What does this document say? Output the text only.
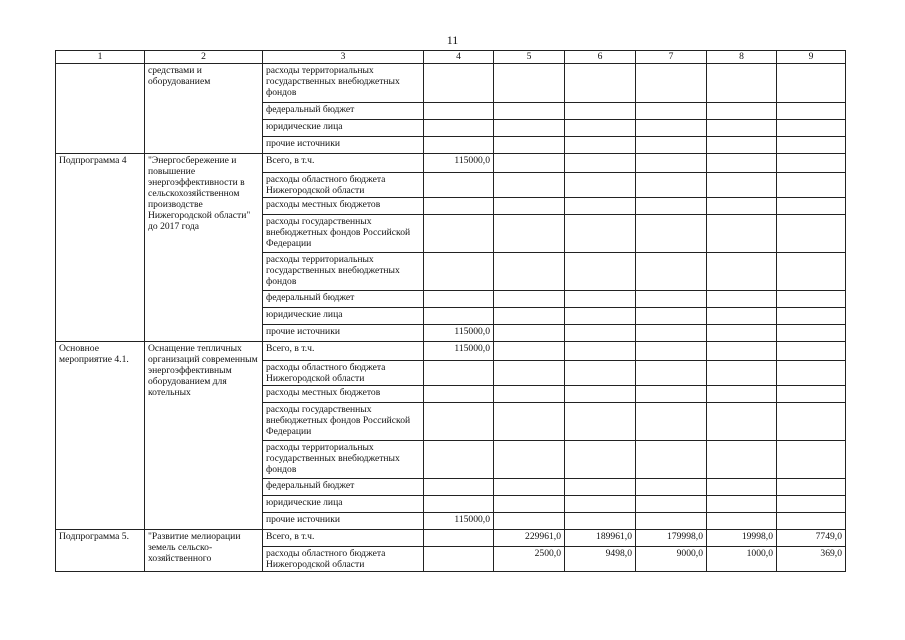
11
1	2	3	4	5	6	7	8	9
	средствами и оборудованием	расходы территориальных государственных внебюджетных фондов						
		федеральный бюджет						
		юридические лица						
		прочие источники						
Подпрограмма 4	"Энергосбережение и повышение энергоэффективности в сельскохозяйственном производстве Нижегородской области" до 2017 года	Всего, в т.ч.	115000,0					
		расходы областного бюджета Нижегородской области						
		расходы местных бюджетов						
		расходы государственных внебюджетных фондов Российской Федерации						
		расходы территориальных государственных внебюджетных фондов						
		федеральный бюджет						
		юридические лица						
		прочие источники	115000,0					
Основное мероприятие 4.1.	Оснащение тепличных организаций современным энергоэффективным оборудованием для котельных	Всего, в т.ч.	115000,0					
		расходы областного бюджета Нижегородской области						
		расходы местных бюджетов						
		расходы государственных внебюджетных фондов Российской Федерации						
		расходы территориальных государственных внебюджетных фондов						
		федеральный бюджет						
		юридические лица						
		прочие источники	115000,0					
Подпрограмма 5.	"Развитие мелиорации земель сельско-хозяйственного	Всего, в т.ч.		229961,0	189961,0	179998,0	19998,0	7749,0
		расходы областного бюджета Нижегородской области		2500,0	9498,0	9000,0	1000,0	369,0
